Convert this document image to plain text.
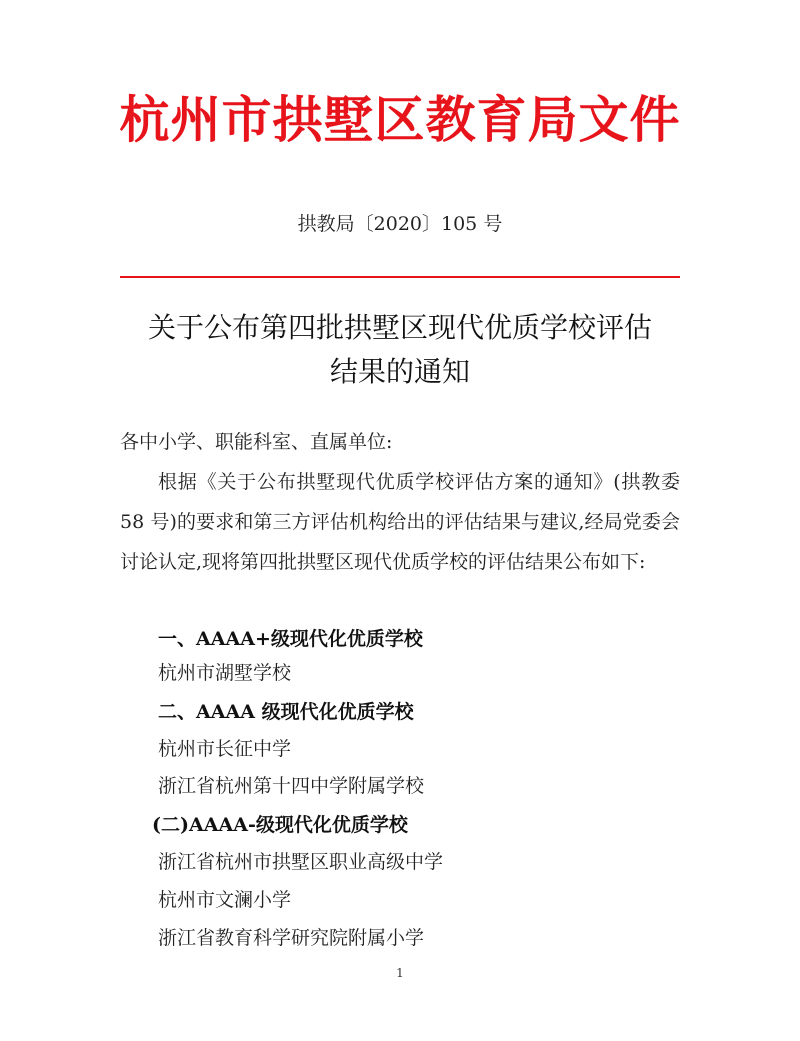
杭州市拱墅区教育局文件
拱教局〔2020〕105 号
关于公布第四批拱墅区现代优质学校评估
结果的通知
各中小学、职能科室、直属单位:
根据《关于公布拱墅现代优质学校评估方案的通知》(拱教委 58 号)的要求和第三方评估机构给出的评估结果与建议,经局党委会讨论认定,现将第四批拱墅区现代优质学校的评估结果公布如下:
一、AAAA+级现代化优质学校
杭州市湖墅学校
二、AAAA 级现代化优质学校
杭州市长征中学
浙江省杭州第十四中学附属学校
(二)AAAA-级现代化优质学校
浙江省杭州市拱墅区职业高级中学
杭州市文澜小学
浙江省教育科学研究院附属小学
1
